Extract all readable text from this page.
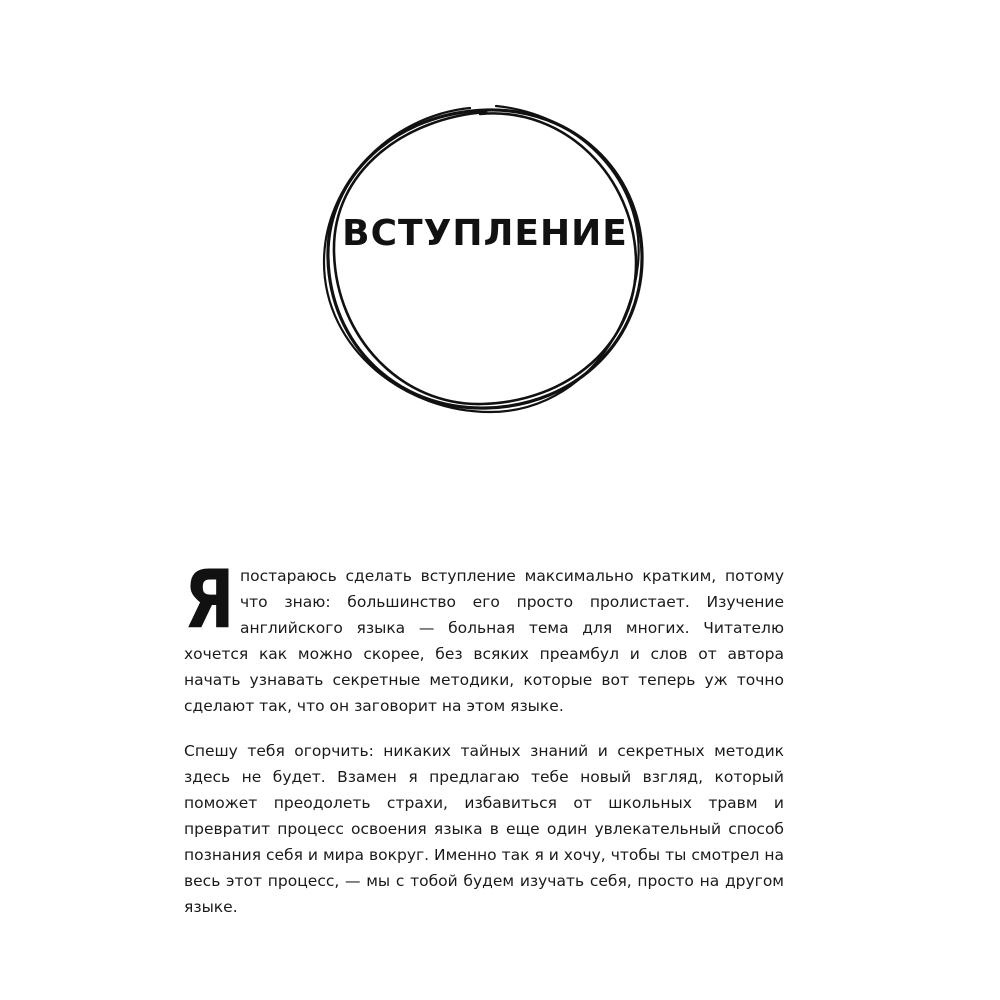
ВСТУПЛЕНИЕ

Я постараюсь сделать вступление максимально кратким, потому что знаю: большинство его просто пролистает. Изучение английского языка — больная тема для многих. Читателю хочется как можно скорее, без всяких преамбул и слов от автора начать узнавать секретные методики, которые вот теперь уж точно сделают так, что он заговорит на этом языке.

Спешу тебя огорчить: никаких тайных знаний и секретных методик здесь не будет. Взамен я предлагаю тебе новый взгляд, который поможет преодолеть страхи, избавиться от школьных травм и превратит процесс освоения языка в еще один увлекательный способ познания себя и мира вокруг. Именно так я и хочу, чтобы ты смотрел на весь этот процесс, — мы с тобой будем изучать себя, просто на другом языке.
